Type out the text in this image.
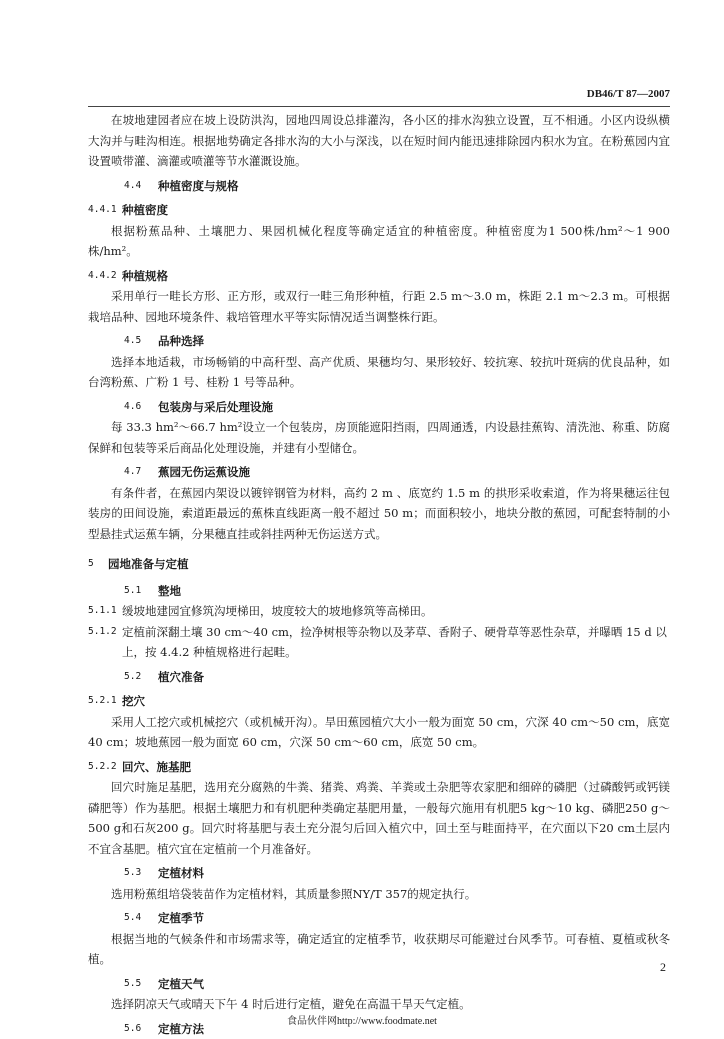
DB46/T 87—2007

在坡地建园者应在坡上设防洪沟，园地四周设总排灌沟，各小区的排水沟独立设置，互不相通。小区内设纵横大沟并与畦沟相连。根据地势确定各排水沟的大小与深浅，以在短时间内能迅速排除园内积水为宜。在粉蕉园内宜设置喷带灌、滴灌或喷灌等节水灌溉设施。

4.4	种植密度与规格
4.4.1 种植密度

根据粉蕉品种、土壤肥力、果园机械化程度等确定适宜的种植密度。种植密度为1 500株/hm²～1 900株/hm²。

4.4.2 种植规格

采用单行一畦长方形、正方形，或双行一畦三角形种植，行距 2.5 m～3.0 m，株距 2.1 m～2.3 m。可根据栽培品种、园地环境条件、栽培管理水平等实际情况适当调整株行距。

4.5	品种选择

选择本地适栽，市场畅销的中高秆型、高产优质、果穗均匀、果形较好、较抗寒、较抗叶斑病的优良品种，如台湾粉蕉、广粉 1 号、桂粉 1 号等品种。

4.6	包装房与采后处理设施

每 33.3 hm²～66.7 hm²设立一个包装房，房顶能遮阳挡雨，四周通透，内设悬挂蕉钩、清洗池、称重、防腐保鲜和包装等采后商品化处理设施，并建有小型储仓。

4.7	蕉园无伤运蕉设施

有条件者，在蕉园内架设以镀锌钢管为材料，高约 2 m 、底宽约 1.5 m 的拱形采收索道，作为将果穗运往包装房的田间设施，索道距最远的蕉株直线距离一般不超过 50 m；而面积较小，地块分散的蕉园，可配套特制的小型悬挂式运蕉车辆，分果穗直挂或斜挂两种无伤运送方式。

5	园地准备与定植
5.1	整地
5.1.1 缓坡地建园宜修筑沟埂梯田，坡度较大的坡地修筑等高梯田。
5.1.2 定植前深翻土壤 30 cm～40 cm，捡净树根等杂物以及茅草、香附子、硬骨草等恶性杂草，并曝晒 15 d 以上，按 4.4.2 种植规格进行起畦。
5.2	植穴准备
5.2.1 挖穴

采用人工挖穴或机械挖穴（或机械开沟）。旱田蕉园植穴大小一般为面宽 50 cm，穴深 40 cm～50 cm，底宽 40 cm；坡地蕉园一般为面宽 60 cm，穴深 50 cm～60 cm，底宽 50 cm。

5.2.2 回穴、施基肥

回穴时施足基肥，选用充分腐熟的牛粪、猪粪、鸡粪、羊粪或土杂肥等农家肥和细碎的磷肥（过磷酸钙或钙镁磷肥等）作为基肥。根据土壤肥力和有机肥种类确定基肥用量，一般每穴施用有机肥5 kg～10 kg、磷肥250 g～500 g和石灰200 g。回穴时将基肥与表土充分混匀后回入植穴中，回土至与畦面持平，在穴面以下20 cm土层内不宜含基肥。植穴宜在定植前一个月准备好。

5.3	定植材料

选用粉蕉组培袋装苗作为定植材料，其质量参照NY/T 357的规定执行。

5.4	定植季节

根据当地的气候条件和市场需求等，确定适宜的定植季节，收获期尽可能避过台风季节。可春植、夏植或秋冬植。

5.5	定植天气

选择阴凉天气或晴天下午 4 时后进行定植，避免在高温干旱天气定植。

5.6	定植方法
2
食品伙伴网http://www.foodmate.net
